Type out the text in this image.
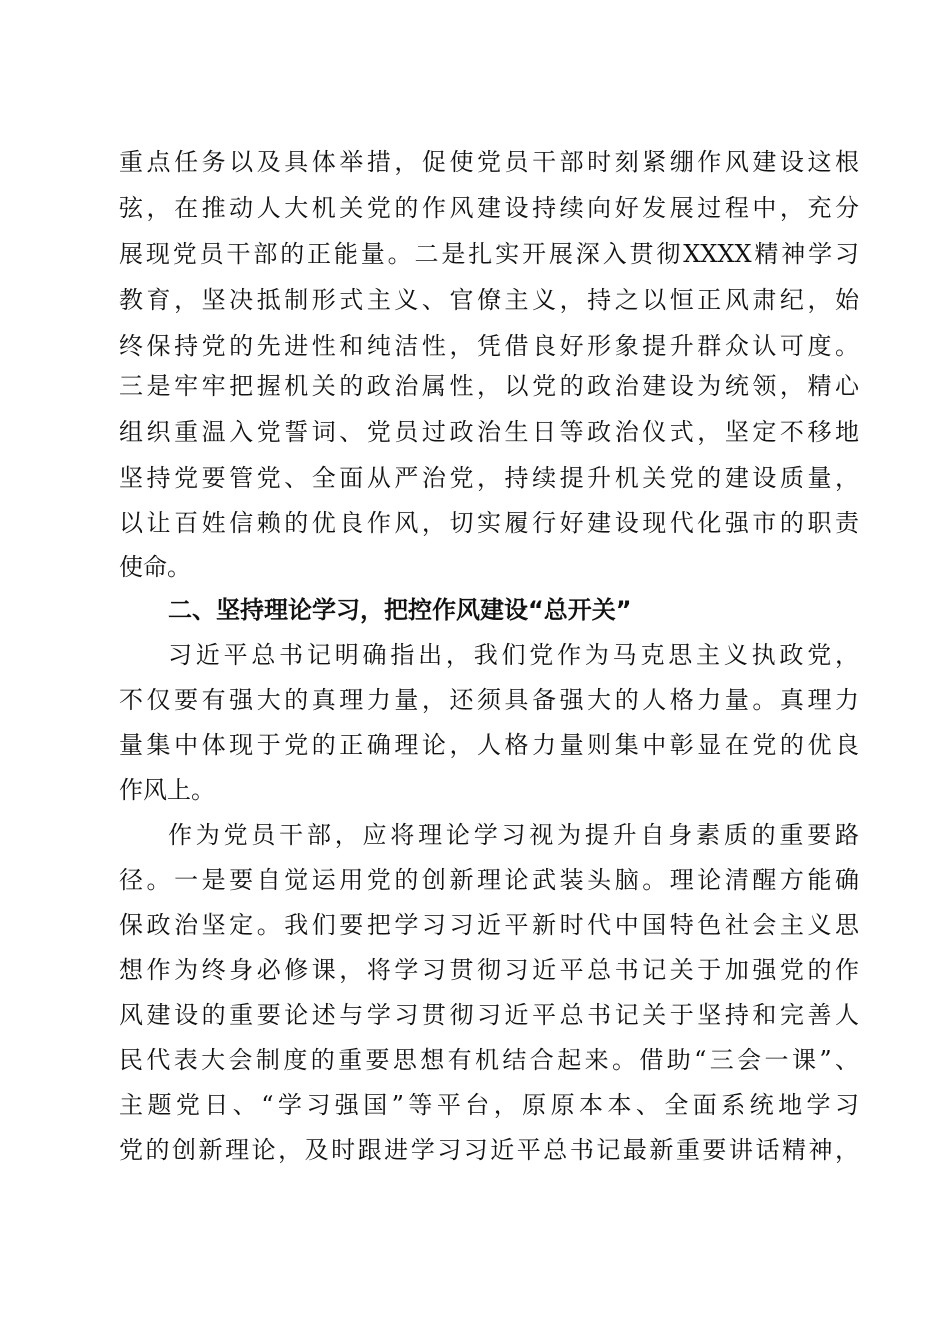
重点任务以及具体举措，促使党员干部时刻紧绷作风建设这根
弦，在推动人大机关党的作风建设持续向好发展过程中，充分
展现党员干部的正能量。二是扎实开展深入贯彻XXXX精神学习
教育，坚决抵制形式主义、官僚主义，持之以恒正风肃纪，始
终保持党的先进性和纯洁性，凭借良好形象提升群众认可度。
三是牢牢把握机关的政治属性，以党的政治建设为统领，精心
组织重温入党誓词、党员过政治生日等政治仪式，坚定不移地
坚持党要管党、全面从严治党，持续提升机关党的建设质量，
以让百姓信赖的优良作风，切实履行好建设现代化强市的职责
使命。
二、坚持理论学习，把控作风建设“总开关”
习近平总书记明确指出，我们党作为马克思主义执政党，
不仅要有强大的真理力量，还须具备强大的人格力量。真理力
量集中体现于党的正确理论，人格力量则集中彰显在党的优良
作风上。
作为党员干部，应将理论学习视为提升自身素质的重要路
径。一是要自觉运用党的创新理论武装头脑。理论清醒方能确
保政治坚定。我们要把学习习近平新时代中国特色社会主义思
想作为终身必修课，将学习贯彻习近平总书记关于加强党的作
风建设的重要论述与学习贯彻习近平总书记关于坚持和完善人
民代表大会制度的重要思想有机结合起来。借助“三会一课”、
主题党日、“学习强国”等平台，原原本本、全面系统地学习
党的创新理论，及时跟进学习习近平总书记最新重要讲话精神，
